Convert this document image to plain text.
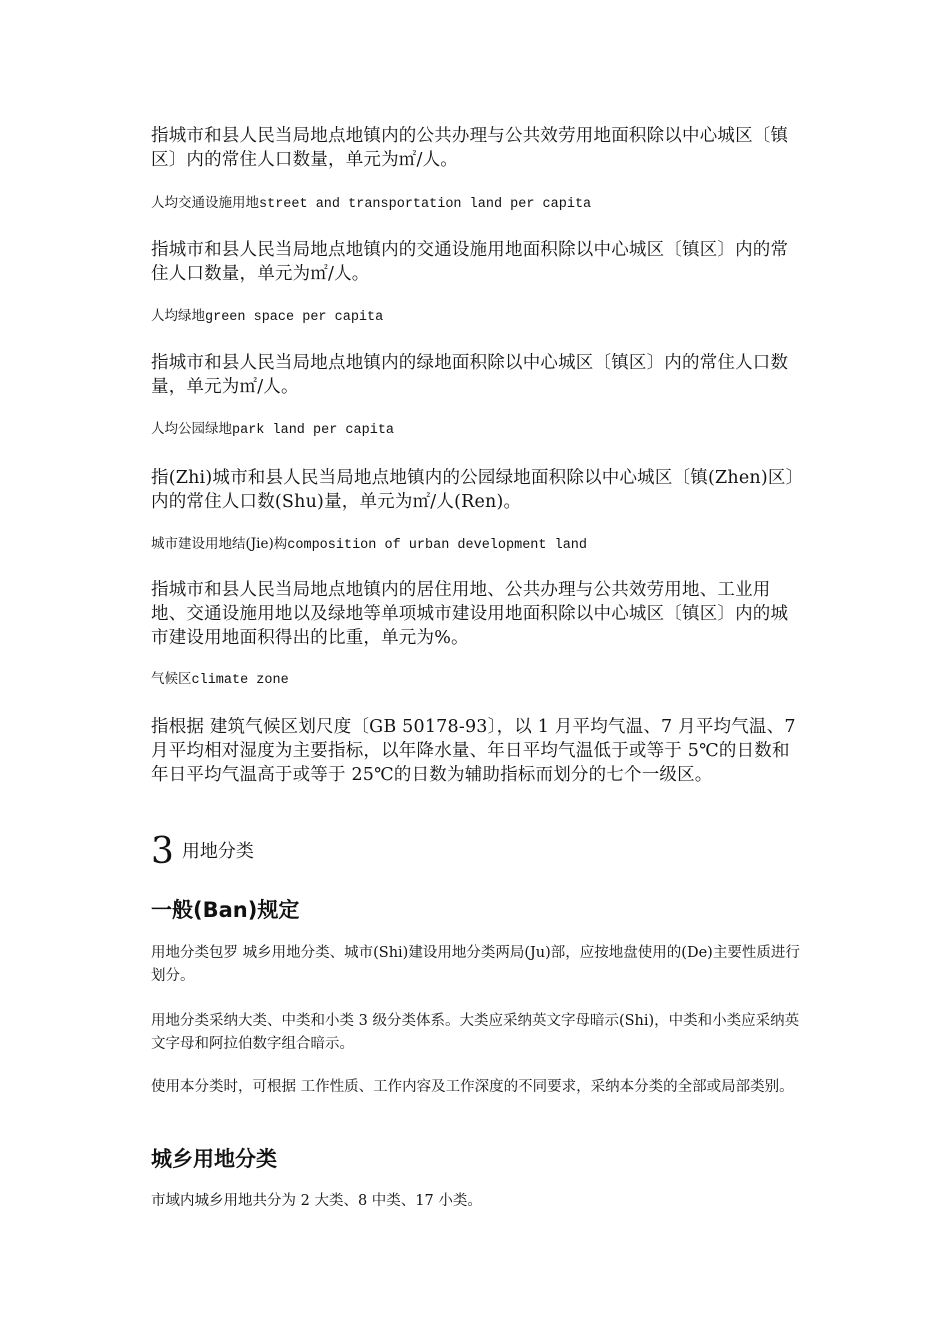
指城市和县人民当局地点地镇内的公共办理与公共效劳用地面积除以中心城区〔镇区〕内的常住人口数量，单元为㎡/人。

人均交通设施用地street and transportation land per capita

指城市和县人民当局地点地镇内的交通设施用地面积除以中心城区〔镇区〕内的常住人口数量，单元为㎡/人。

人均绿地green space per capita

指城市和县人民当局地点地镇内的绿地面积除以中心城区〔镇区〕内的常住人口数量，单元为㎡/人。

人均公园绿地park land per capita

指(Zhi)城市和县人民当局地点地镇内的公园绿地面积除以中心城区〔镇(Zhen)区〕内的常住人口数(Shu)量，单元为㎡/人(Ren)。

城市建设用地结(Jie)构composition of urban development land

指城市和县人民当局地点地镇内的居住用地、公共办理与公共效劳用地、工业用地、交通设施用地以及绿地等单项城市建设用地面积除以中心城区〔镇区〕内的城市建设用地面积得出的比重，单元为%。

气候区climate zone

指根据 建筑气候区划尺度〔GB 50178-93〕，以 1 月平均气温、7 月平均气温、7 月平均相对湿度为主要指标，以年降水量、年日平均气温低于或等于 5℃的日数和年日平均气温高于或等于 25℃的日数为辅助指标而划分的七个一级区。

3 用地分类
一般(Ban)规定

用地分类包罗 城乡用地分类、城市(Shi)建设用地分类两局(Ju)部，应按地盘使用的(De)主要性质进行划分。

用地分类采纳大类、中类和小类 3 级分类体系。大类应采纳英文字母暗示(Shi)，中类和小类应采纳英文字母和阿拉伯数字组合暗示。

使用本分类时，可根据 工作性质、工作内容及工作深度的不同要求，采纳本分类的全部或局部类别。

城乡用地分类

市域内城乡用地共分为 2 大类、8 中类、17 小类。
